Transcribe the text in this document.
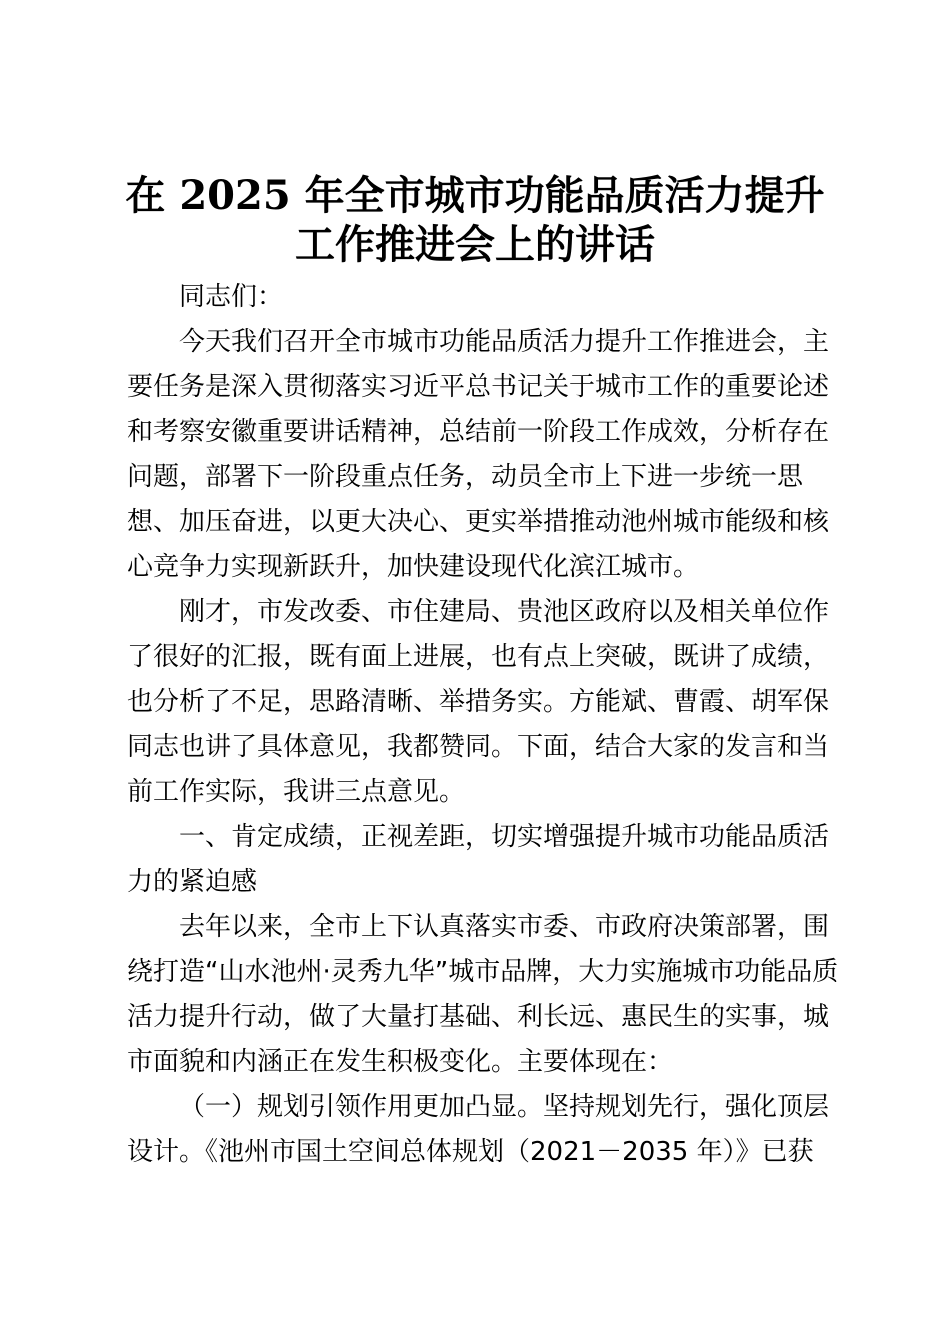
在 2025 年全市城市功能品质活力提升
工作推进会上的讲话

同志们：

今天我们召开全市城市功能品质活力提升工作推进会，主
要任务是深入贯彻落实习近平总书记关于城市工作的重要论述
和考察安徽重要讲话精神，总结前一阶段工作成效，分析存在
问题，部署下一阶段重点任务，动员全市上下进一步统一思
想、加压奋进，以更大决心、更实举措推动池州城市能级和核
心竞争力实现新跃升，加快建设现代化滨江城市。

刚才，市发改委、市住建局、贵池区政府以及相关单位作
了很好的汇报，既有面上进展，也有点上突破，既讲了成绩，
也分析了不足，思路清晰、举措务实。方能斌、曹霞、胡军保
同志也讲了具体意见，我都赞同。下面，结合大家的发言和当
前工作实际，我讲三点意见。

一、肯定成绩，正视差距，切实增强提升城市功能品质活
力的紧迫感

去年以来，全市上下认真落实市委、市政府决策部署，围
绕打造“山水池州·灵秀九华”城市品牌，大力实施城市功能品质
活力提升行动，做了大量打基础、利长远、惠民生的实事，城
市面貌和内涵正在发生积极变化。主要体现在：

（一）规划引领作用更加凸显。坚持规划先行，强化顶层
设计。《池州市国土空间总体规划（2021－2035 年）》已获
